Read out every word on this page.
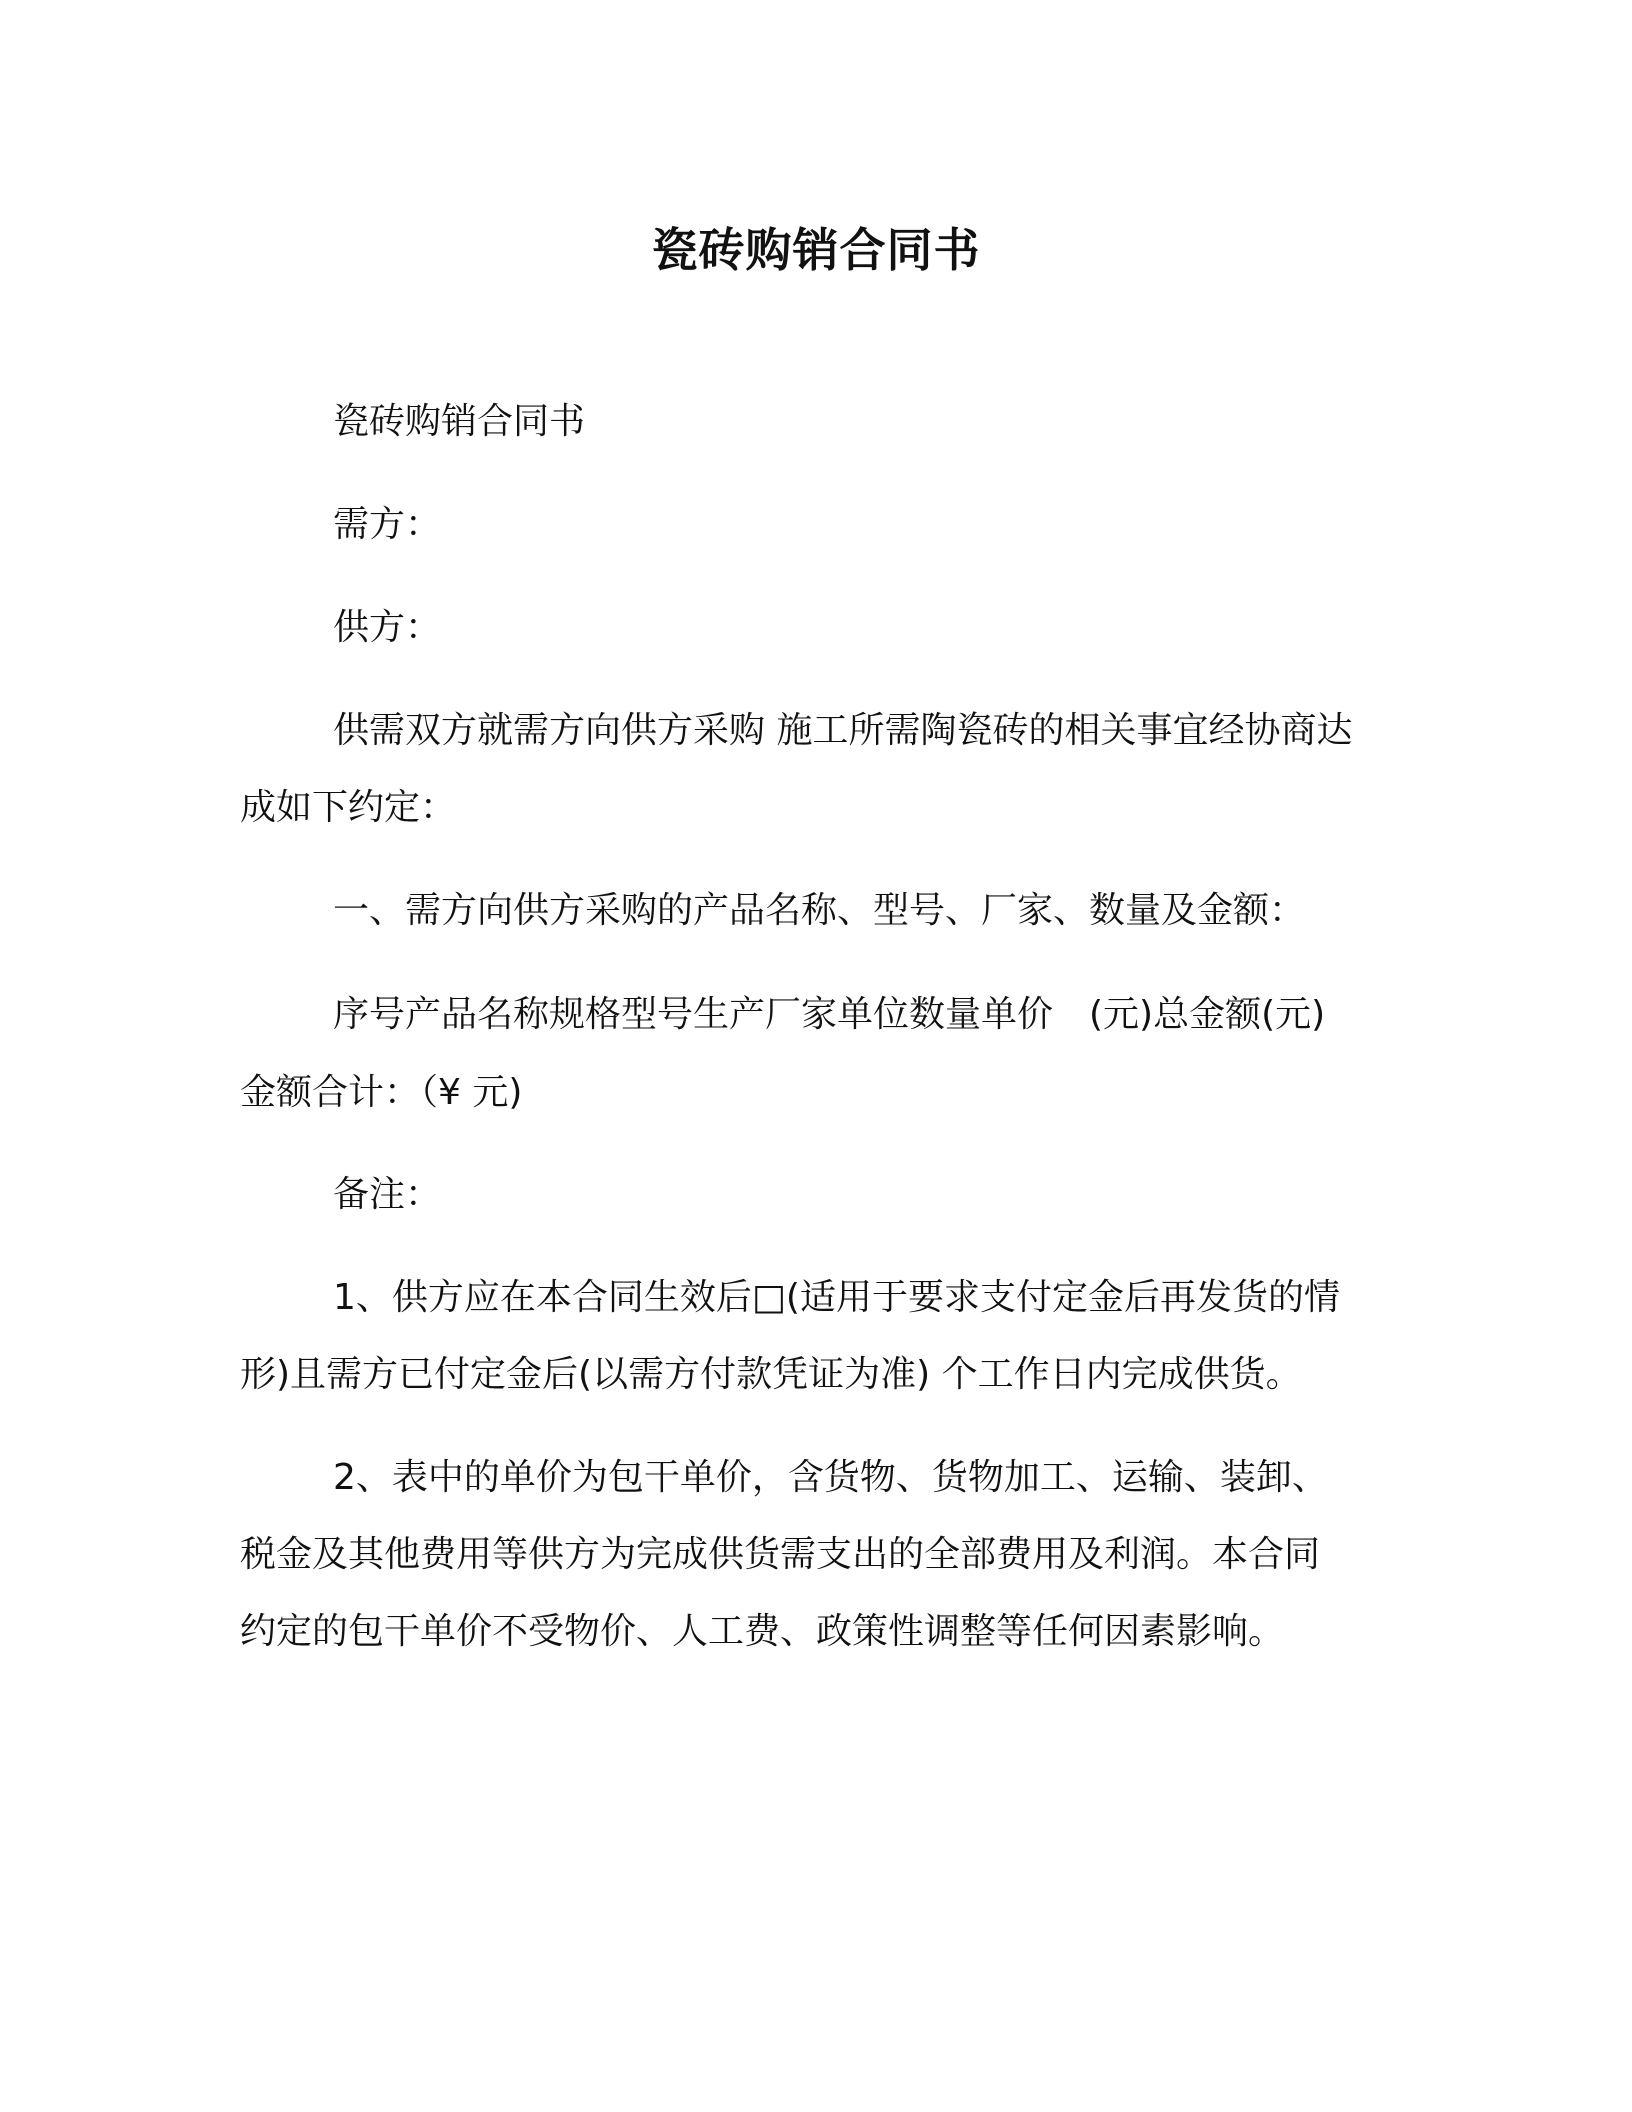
瓷砖购销合同书
瓷砖购销合同书
需方：
供方：
供需双方就需方向供方采购 施工所需陶瓷砖的相关事宜经协商达
成如下约定：
一、需方向供方采购的产品名称、型号、厂家、数量及金额：
序号产品名称规格型号生产厂家单位数量单价　(元)总金额(元)
金额合计：（¥ 元)
备注：
1、供方应在本合同生效后□(适用于要求支付定金后再发货的情
形)且需方已付定金后(以需方付款凭证为准) 个工作日内完成供货。
2、表中的单价为包干单价，含货物、货物加工、运输、装卸、
税金及其他费用等供方为完成供货需支出的全部费用及利润。本合同
约定的包干单价不受物价、人工费、政策性调整等任何因素影响。
